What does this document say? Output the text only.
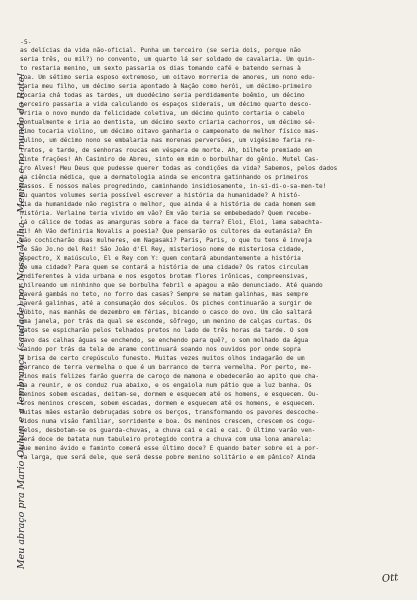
-5-
as delícias da vida não-oficial. Punha um terceiro (se seria dois, porque não
seria três, ou mil?) no convento, um quarto lá ser soldado de cavalaria. Um quin-
to restaria menino, um sexto passaria os dias tomando café e batendo sernas à
toa. Um sétimo seria esposo extremoso, um oitavo morreria de amores, um nono edu-
caria meu filho, um décimo seria apontado à Nação como herói, um décimo-primeiro
tocaria chá todas as tardes, um duodécimo seria perdidamente boêmio, um décimo
terceiro passaria a vida calculando os espaços siderais, um décimo quarto desco-
briria o novo mundo da felicidade coletiva, um décimo quinto cortaria o cabelo
pontualmente e iria ao dentista, um décimo sexto criaria cachorros, um décimo sé-
timo tocaria violino, um décimo oitavo ganharia o campeonato de melhor físico mas-
culino, um décimo nono se embalaria nas morenas perversões, um vigésimo faria re-
tratos, e tarde, de senhoras roucas em véspera de morte. Ah, bilhete premiado em
vinte frações! Ah Casimiro de Abreu, sinto em mim o borbulhar do gênio. Mutel Cas-
tro Alves! Meu Deus que pudesse querer todas as condições da vida? Sabemos, pelos dados
da ciência médica, que a dermatologia ainda se encontra gatinhando os primeiros
passos. E nossos males progredindo, caminhando insidiosamente, in-si-di-o-sa-men-te!
Eu quantos volumes seria possível escrever a história da humanidade? A histó-
ria da humanidade não registra o melhor, que ainda é a história de cada homem sem
história. Verlaine teria vivido em vão? Em vão teria se embebedado? Quem recebe-
rá o cálice de todas as amarguras sobre a face da terra? Eloi, Eloi, lama sabachta-
ni! Ah Vão definiria Novalis a poesia? Que pensarão os cultores da eutanásia? Em
vão cochicharão duas mulheres, em Nagasaki? Paris, Paris, o que tu tens é inveja
de São Jo.no del Rei! São João d'El Rey, misterioso nome de misteriosa cidade,
espectro, X maiúsculo, El e Rey com Y: quem contará abundantemente a história
de uma cidade? Para quem se contará a história de uma cidade? Os ratos circulam
indiferentes à vida urbana e nos esgotos brotam flores irônicas, compreensivas,
chilreando um ninhinho que se borbulha febril e apagou a mão denunciado. Até quando
haverá gambás no teto, no forro das casas? Sempre se matam galinhas, mas sempre
haverá galinhas, até a consumação dos séculos. Os piches continuarão a surgir de
súbito, nas manhãs de dezembro em férias, bicando o casco do ovo. Um cão saltará
uma janela, por trás da qual se esconde, sôfrego, um menino de calças curtas. Os
gatos se espicharão pelos telhados pretos no lado de três horas da tarde. O som
cavo das calhas águas se enchendo, se enchendo para quê?, o som molhado da água
caindo por trás da tela de arame continuará soando nos ouvidos por onde sopra
a brisa de certo crepúsculo funesto. Muitas vezes muitos olhos indagarão de um
barranco de terra vermelha o que é um barranco de terra vermelha. Por perto, me-
ninos mais felizes farão guerra de caroço de mamona e obedecerão ao apito que cha-
ma a reunir, e os conduz rua abaixo, e os engaiola num pátio que a luz banha. Os
meninos sobem escadas, deitam-se, dormem e esquecem até os homens, e esquecem. Ou-
tros meninos crescem, sobem escadas, dormem e esquecem até os homens, e esquecem.
Muitas mães estarão debruçadas sobre os berços, transformando os pavores descoche-
cidos numa visão familiar, sorridente e boa. Os meninos crescem, crescem os cogu-
melos, desbotam-se os guarda-chuvas, a chuva cai e cai e cai. O último varão ven-
derá doce de batata num tabuleiro protegido contra a chuva com uma lona amarela:
que menino ávido e faminto comerá esse último doce? E quando bater sobre ei a por-
ta larga, que será dele, que será desse pobre menino solitário e em pânico? Ainda
Meu abraço pra Mario Ouhun e a lembrança (saudade) por Nossa Velha - Menino e no mundo do Rate!
Ott
